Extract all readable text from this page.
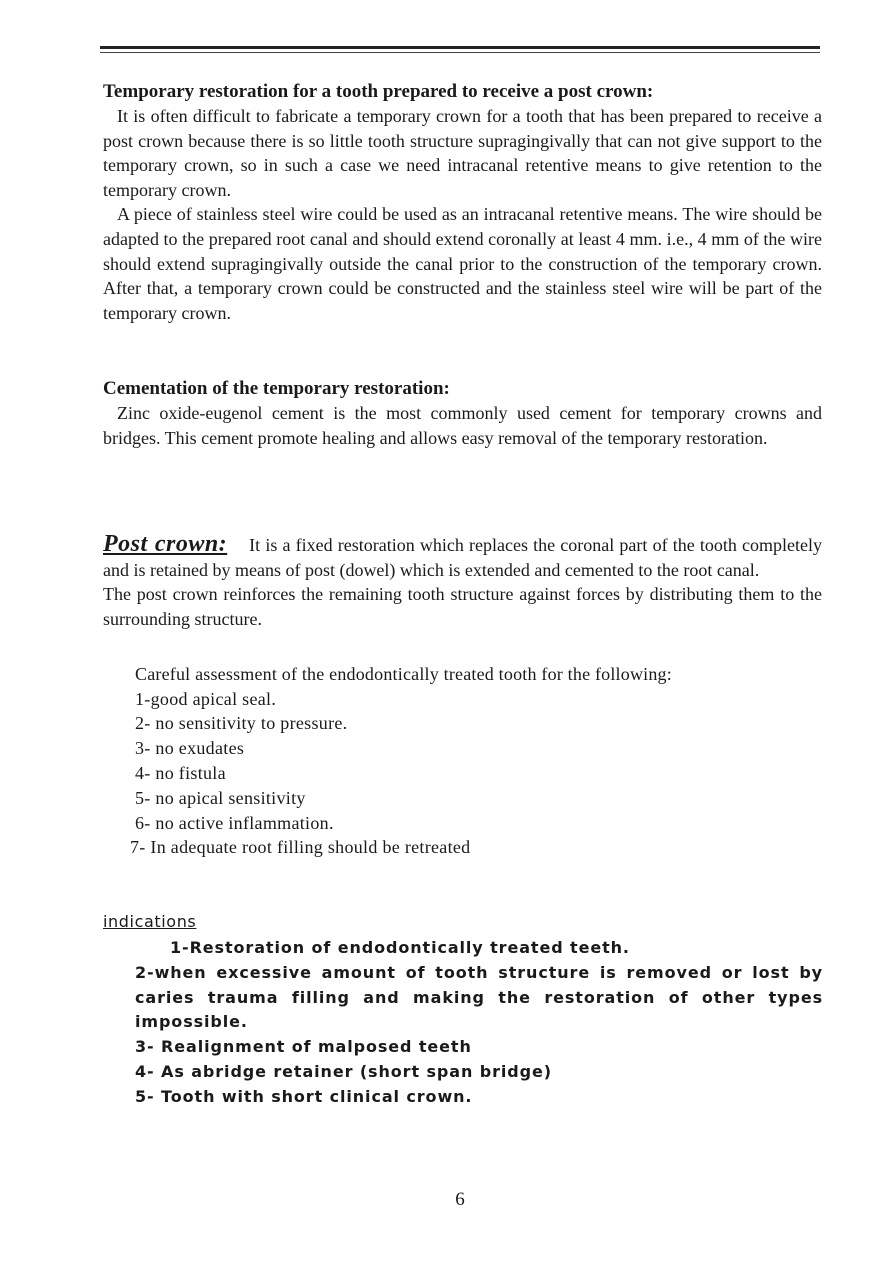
Temporary restoration for a tooth prepared to receive a post crown:

It is often difficult to fabricate a temporary crown for a tooth that has been prepared to receive a post crown because there is so little tooth structure supragingivally that can not give support to the temporary crown, so in such a case we need intracanal retentive means to give retention to the temporary crown.

A piece of stainless steel wire could be used as an intracanal retentive means. The wire should be adapted to the prepared root canal and should extend coronally at least 4 mm. i.e., 4 mm of the wire should extend supragingivally outside the canal prior to the construction of the temporary crown. After that, a temporary crown could be constructed and the stainless steel wire will be part of the temporary crown.

Cementation of the temporary restoration:

Zinc oxide-eugenol cement is the most commonly used cement for temporary crowns and bridges. This cement promote healing and allows easy removal of the temporary restoration.

Post crown: It is a fixed restoration which replaces the coronal part of the tooth completely and is retained by means of post (dowel) which is extended and cemented to the root canal.

The post crown reinforces the remaining tooth structure against forces by distributing them to the surrounding structure.

Careful assessment of the endodontically treated tooth for the following:

1-good apical seal.
2- no sensitivity to pressure.
3- no exudates
4- no fistula
5- no apical sensitivity
6- no active inflammation.
7- In adequate root filling should be retreated

indications

1-Restoration of endodontically treated teeth.
2-when excessive amount of tooth structure is removed or lost by caries trauma filling and making the restoration of other types impossible.
3- Realignment of malposed teeth
4- As abridge retainer (short span bridge)
5- Tooth with short clinical crown.
6
